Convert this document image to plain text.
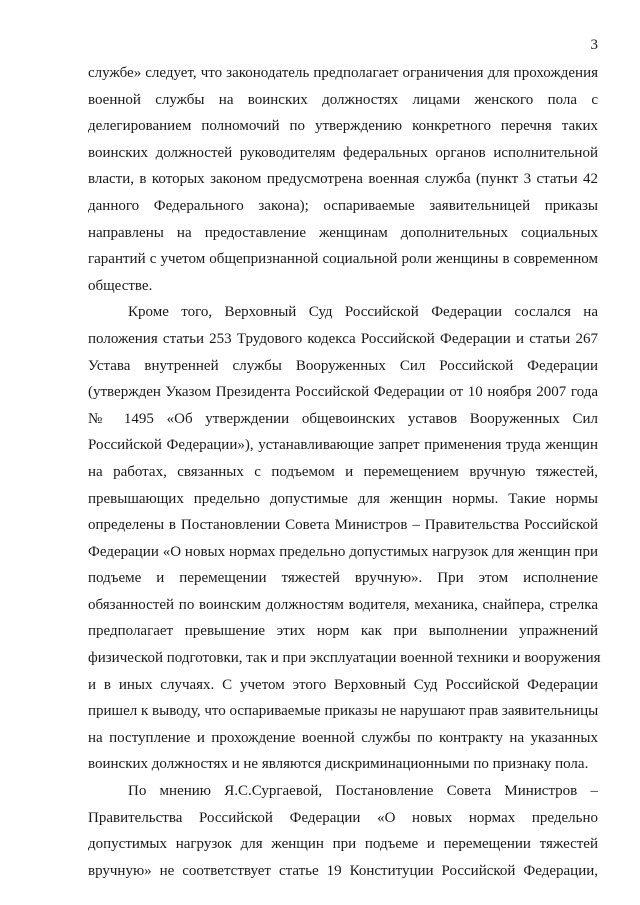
3

службе» следует, что законодатель предполагает ограничения для прохождения
военной службы на воинских должностях лицами женского пола с
делегированием полномочий по утверждению конкретного перечня таких
воинских должностей руководителям федеральных органов исполнительной
власти, в которых законом предусмотрена военная служба (пункт 3 статьи 42
данного Федерального закона); оспариваемые заявительницей приказы
направлены на предоставление женщинам дополнительных социальных
гарантий с учетом общепризнанной социальной роли женщины в современном
обществе.

Кроме того, Верховный Суд Российской Федерации сослался на
положения статьи 253 Трудового кодекса Российской Федерации и статьи 267
Устава внутренней службы Вооруженных Сил Российской Федерации
(утвержден Указом Президента Российской Федерации от 10 ноября 2007 года
№ 1495 «Об утверждении общевоинских уставов Вооруженных Сил
Российской Федерации»), устанавливающие запрет применения труда женщин
на работах, связанных с подъемом и перемещением вручную тяжестей,
превышающих предельно допустимые для женщин нормы. Такие нормы
определены в Постановлении Совета Министров – Правительства Российской
Федерации «О новых нормах предельно допустимых нагрузок для женщин при
подъеме и перемещении тяжестей вручную». При этом исполнение
обязанностей по воинским должностям водителя, механика, снайпера, стрелка
предполагает превышение этих норм как при выполнении упражнений
физической подготовки, так и при эксплуатации военной техники и вооружения
и в иных случаях. С учетом этого Верховный Суд Российской Федерации
пришел к выводу, что оспариваемые приказы не нарушают прав заявительницы
на поступление и прохождение военной службы по контракту на указанных
воинских должностях и не являются дискриминационными по признаку пола.

По мнению Я.С.Сургаевой, Постановление Совета Министров –
Правительства Российской Федерации «О новых нормах предельно
допустимых нагрузок для женщин при подъеме и перемещении тяжестей
вручную» не соответствует статье 19 Конституции Российской Федерации,
